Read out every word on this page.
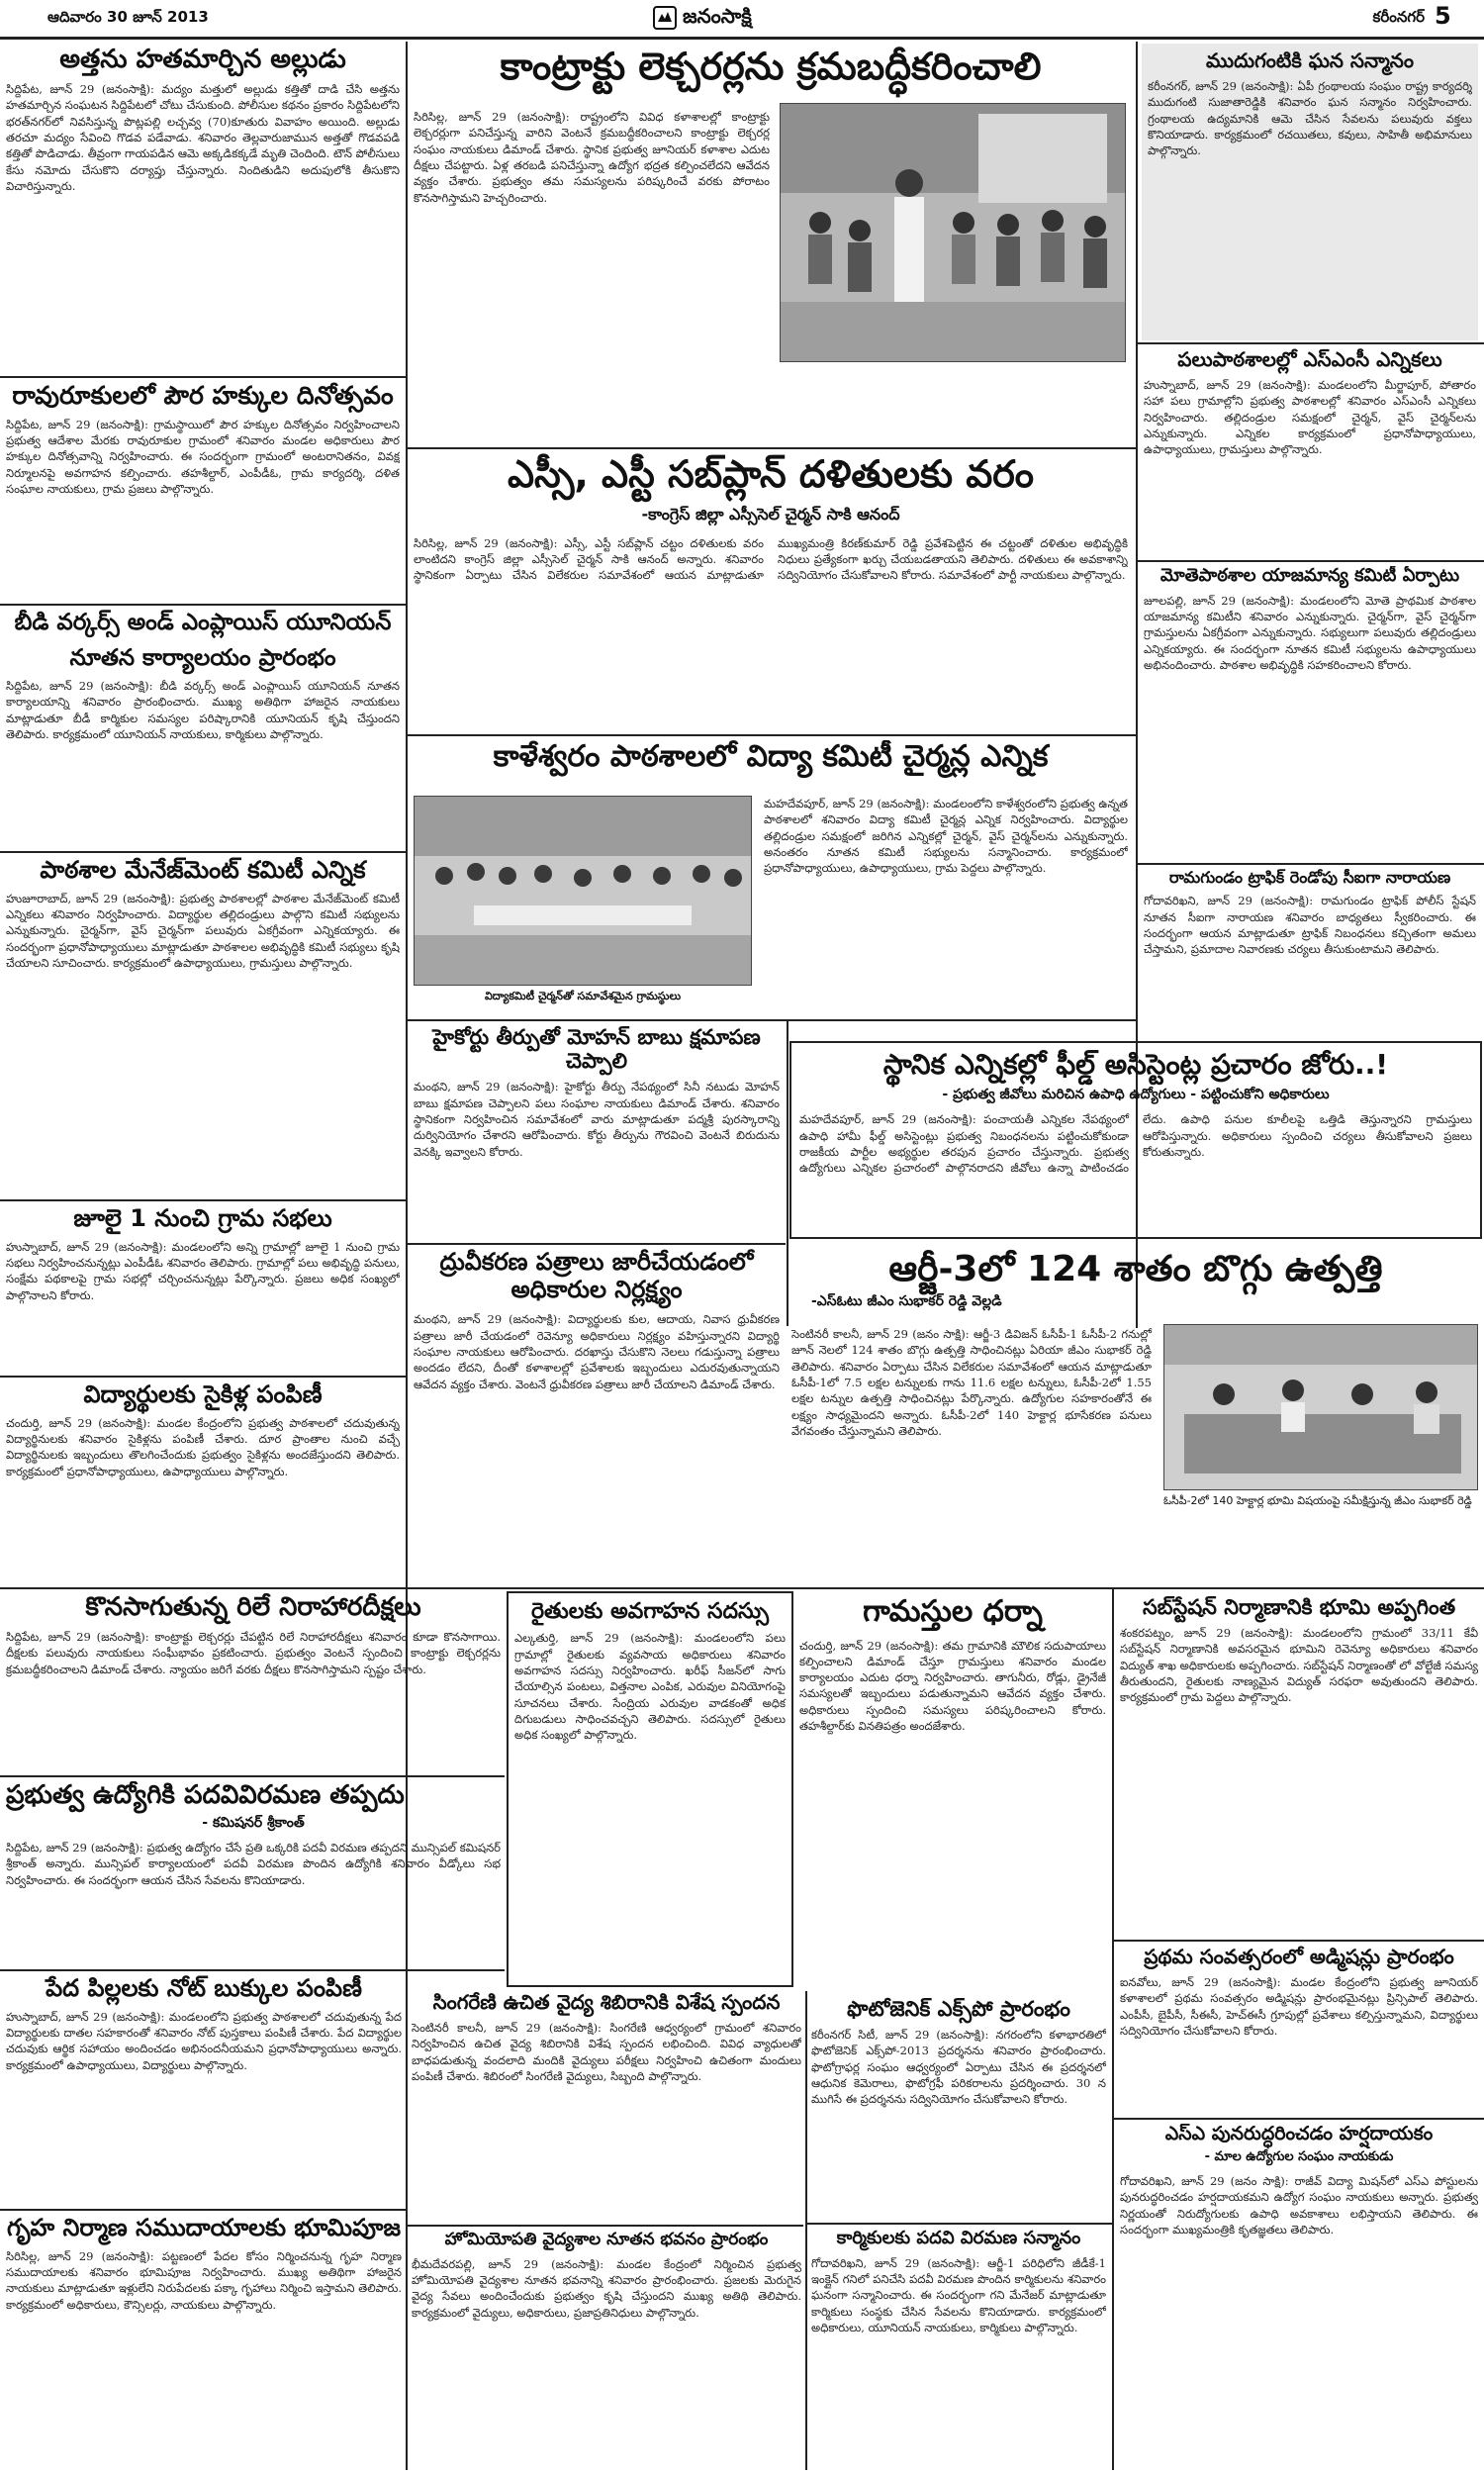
ఆదివారం 30 జూన్ 2013	జనంసాక్షి	కరీంనగర్ 5
అత్తను హతమార్చిన అల్లుడు
సిద్దిపేట, జూన్ 29 (జనంసాక్షి): మద్యం మత్తులో అల్లుడు కత్తితో దాడి చేసి అత్తను హతమార్చిన సంఘటన సిద్దిపేటలో చోటు చేసుకుంది. పోలీసుల కథనం ప్రకారం సిద్దిపేటలోని భరత్‌నగర్‌లో నివసిస్తున్న పొట్లపల్లి లచ్చవ్వ (70)కూతురు వివాహం అయింది. అల్లుడు తరచూ మద్యం సేవించి గొడవ పడేవాడు. శనివారం తెల్లవారుజామున అత్తతో గొడవపడి కత్తితో పొడిచాడు. తీవ్రంగా గాయపడిన ఆమె అక్కడికక్కడే మృతి చెందింది. టౌన్ పోలీసులు కేసు నమోదు చేసుకొని దర్యాప్తు చేస్తున్నారు. నిందితుడిని అదుపులోకి తీసుకొని విచారిస్తున్నారు.
రావురూకులలో పౌర హక్కుల దినోత్సవం
సిద్దిపేట, జూన్ 29 (జనంసాక్షి): గ్రామస్థాయిలో పౌర హక్కుల దినోత్సవం నిర్వహించాలని ప్రభుత్వ ఆదేశాల మేరకు రావురూకుల గ్రామంలో శనివారం మండల అధికారులు పౌర హక్కుల దినోత్సవాన్ని నిర్వహించారు. ఈ సందర్భంగా గ్రామంలో అంటరానితనం, వివక్ష నిర్మూలనపై అవగాహన కల్పించారు. తహశీల్దార్, ఎంపీడీఓ, గ్రామ కార్యదర్శి, దళిత సంఘాల నాయకులు, గ్రామ ప్రజలు పాల్గొన్నారు.
బీడి వర్కర్స్ అండ్ ఎంప్లాయిస్ యూనియన్
నూతన కార్యాలయం ప్రారంభం
సిద్దిపేట, జూన్ 29 (జనంసాక్షి): బీడి వర్కర్స్ అండ్ ఎంప్లాయిస్ యూనియన్ నూతన కార్యాలయాన్ని శనివారం ప్రారంభించారు. ముఖ్య అతిథిగా హాజరైన నాయకులు మాట్లాడుతూ బీడీ కార్మికుల సమస్యల పరిష్కారానికి యూనియన్ కృషి చేస్తుందని తెలిపారు. కార్యక్రమంలో యూనియన్ నాయకులు, కార్మికులు పాల్గొన్నారు.
పాఠశాల మేనేజ్‌మెంట్ కమిటీ ఎన్నిక
హుజూరాబాద్, జూన్ 29 (జనంసాక్షి): ప్రభుత్వ పాఠశాలల్లో పాఠశాల మేనేజ్‌మెంట్ కమిటీ ఎన్నికలు శనివారం నిర్వహించారు. విద్యార్థుల తల్లిదండ్రులు పాల్గొని కమిటీ సభ్యులను ఎన్నుకున్నారు. చైర్మన్‌గా, వైస్ చైర్మన్‌గా పలువురు ఏకగ్రీవంగా ఎన్నికయ్యారు. ఈ సందర్భంగా ప్రధానోపాధ్యాయులు మాట్లాడుతూ పాఠశాలల అభివృద్ధికి కమిటీ సభ్యులు కృషి చేయాలని సూచించారు. కార్యక్రమంలో ఉపాధ్యాయులు, గ్రామస్తులు పాల్గొన్నారు.
జూలై 1 నుంచి గ్రామ సభలు
హుస్నాబాద్, జూన్ 29 (జనంసాక్షి): మండలంలోని అన్ని గ్రామాల్లో జూలై 1 నుంచి గ్రామ సభలు నిర్వహించనున్నట్లు ఎంపీడీఓ శనివారం తెలిపారు. గ్రామాల్లో పలు అభివృద్ధి పనులు, సంక్షేమ పథకాలపై గ్రామ సభల్లో చర్చించనున్నట్లు పేర్కొన్నారు. ప్రజలు అధిక సంఖ్యలో పాల్గొనాలని కోరారు.
విద్యార్థులకు సైకిళ్ల పంపిణీ
చందుర్తి, జూన్ 29 (జనంసాక్షి): మండల కేంద్రంలోని ప్రభుత్వ పాఠశాలలో చదువుతున్న విద్యార్థినులకు శనివారం సైకిళ్లను పంపిణీ చేశారు. దూర ప్రాంతాల నుంచి వచ్చే విద్యార్థినులకు ఇబ్బందులు తొలగించేందుకు ప్రభుత్వం సైకిళ్లను అందజేస్తుందని తెలిపారు. కార్యక్రమంలో ప్రధానోపాధ్యాయులు, ఉపాధ్యాయులు పాల్గొన్నారు.
కాంట్రాక్టు లెక్చరర్లను క్రమబద్ధీకరించాలి
సిరిసిల్ల, జూన్ 29 (జనంసాక్షి): రాష్ట్రంలోని వివిధ కళాశాలల్లో కాంట్రాక్టు లెక్చరర్లుగా పనిచేస్తున్న వారిని వెంటనే క్రమబద్ధీకరించాలని కాంట్రాక్టు లెక్చరర్ల సంఘం నాయకులు డిమాండ్ చేశారు. స్థానిక ప్రభుత్వ జూనియర్ కళాశాల ఎదుట దీక్షలు చేపట్టారు. ఏళ్ల తరబడి పనిచేస్తున్నా ఉద్యోగ భద్రత కల్పించలేదని ఆవేదన వ్యక్తం చేశారు. ప్రభుత్వం తమ సమస్యలను పరిష్కరించే వరకు పోరాటం కొనసాగిస్తామని హెచ్చరించారు.
ఎస్సీ, ఎస్టీ సబ్‌ప్లాన్ దళితులకు వరం
-కాంగ్రెస్ జిల్లా ఎస్సీసెల్ చైర్మన్ సాకి ఆనంద్
సిరిసిల్ల, జూన్ 29 (జనంసాక్షి): ఎస్సీ, ఎస్టీ సబ్‌ప్లాన్ చట్టం దళితులకు వరం లాంటిదని కాంగ్రెస్ జిల్లా ఎస్సీసెల్ చైర్మన్ సాకి ఆనంద్ అన్నారు. శనివారం స్థానికంగా ఏర్పాటు చేసిన విలేకరుల సమావేశంలో ఆయన మాట్లాడుతూ ముఖ్యమంత్రి కిరణ్‌కుమార్ రెడ్డి ప్రవేశపెట్టిన ఈ చట్టంతో దళితుల అభివృద్ధికి నిధులు ప్రత్యేకంగా ఖర్చు చేయబడతాయని తెలిపారు. దళితులు ఈ అవకాశాన్ని సద్వినియోగం చేసుకోవాలని కోరారు. సమావేశంలో పార్టీ నాయకులు పాల్గొన్నారు.
కాళేశ్వరం పాఠశాలలో విద్యా కమిటీ చైర్మన్ల ఎన్నిక
విద్యాకమిటీ చైర్మన్‌తో సమావేశమైన గ్రామస్థులు
మహదేవపూర్, జూన్ 29 (జనంసాక్షి): మండలంలోని కాళేశ్వరంలోని ప్రభుత్వ ఉన్నత పాఠశాలలో శనివారం విద్యా కమిటీ చైర్మన్ల ఎన్నిక నిర్వహించారు. విద్యార్థుల తల్లిదండ్రుల సమక్షంలో జరిగిన ఎన్నికల్లో చైర్మన్, వైస్ చైర్మన్‌లను ఎన్నుకున్నారు. అనంతరం నూతన కమిటీ సభ్యులను సన్మానించారు. కార్యక్రమంలో ప్రధానోపాధ్యాయులు, ఉపాధ్యాయులు, గ్రామ పెద్దలు పాల్గొన్నారు.
హైకోర్టు తీర్పుతో మోహన్ బాబు క్షమాపణ చెప్పాలి
మంథని, జూన్ 29 (జనంసాక్షి): హైకోర్టు తీర్పు నేపథ్యంలో సినీ నటుడు మోహన్ బాబు క్షమాపణ చెప్పాలని పలు సంఘాల నాయకులు డిమాండ్ చేశారు. శనివారం స్థానికంగా నిర్వహించిన సమావేశంలో వారు మాట్లాడుతూ పద్మశ్రీ పురస్కారాన్ని దుర్వినియోగం చేశారని ఆరోపించారు. కోర్టు తీర్పును గౌరవించి వెంటనే బిరుదును వెనక్కి ఇవ్వాలని కోరారు.
ద్రువీకరణ పత్రాలు జారీచేయడంలో
అధికారుల నిర్లక్ష్యం
మంథని, జూన్ 29 (జనంసాక్షి): విద్యార్థులకు కుల, ఆదాయ, నివాస ధ్రువీకరణ పత్రాలు జారీ చేయడంలో రెవెన్యూ అధికారులు నిర్లక్ష్యం వహిస్తున్నారని విద్యార్థి సంఘాల నాయకులు ఆరోపించారు. దరఖాస్తు చేసుకొని నెలలు గడుస్తున్నా పత్రాలు అందడం లేదని, దీంతో కళాశాలల్లో ప్రవేశాలకు ఇబ్బందులు ఎదురవుతున్నాయని ఆవేదన వ్యక్తం చేశారు. వెంటనే ధ్రువీకరణ పత్రాలు జారీ చేయాలని డిమాండ్ చేశారు.
ముదుగంటికి ఘన సన్మానం
కరీంనగర్, జూన్ 29 (జనంసాక్షి): ఏపీ గ్రంథాలయ సంఘం రాష్ట్ర కార్యదర్శి ముదుగంటి సుజాతారెడ్డికి శనివారం ఘన సన్మానం నిర్వహించారు. గ్రంథాలయ ఉద్యమానికి ఆమె చేసిన సేవలను పలువురు వక్తలు కొనియాడారు. కార్యక్రమంలో రచయితలు, కవులు, సాహితీ అభిమానులు పాల్గొన్నారు.
పలుపాఠశాలల్లో ఎస్‌ఎంసీ ఎన్నికలు
హుస్నాబాద్, జూన్ 29 (జనంసాక్షి): మండలంలోని మీర్జాపూర్, పోతారం సహా పలు గ్రామాల్లోని ప్రభుత్వ పాఠశాలల్లో శనివారం ఎస్‌ఎంసీ ఎన్నికలు నిర్వహించారు. తల్లిదండ్రుల సమక్షంలో చైర్మన్, వైస్ చైర్మన్‌లను ఎన్నుకున్నారు. ఎన్నికల కార్యక్రమంలో ప్రధానోపాధ్యాయులు, ఉపాధ్యాయులు, గ్రామస్తులు పాల్గొన్నారు.
మోతెపాఠశాల యాజమాన్య కమిటీ ఏర్పాటు
జూలపల్లి, జూన్ 29 (జనంసాక్షి): మండలంలోని మోతె ప్రాథమిక పాఠశాల యాజమాన్య కమిటీని శనివారం ఎన్నుకున్నారు. చైర్మన్‌గా, వైస్ చైర్మన్‌గా గ్రామస్తులను ఏకగ్రీవంగా ఎన్నుకున్నారు. సభ్యులుగా పలువురు తల్లిదండ్రులు ఎన్నికయ్యారు. ఈ సందర్భంగా నూతన కమిటీ సభ్యులను ఉపాధ్యాయులు అభినందించారు. పాఠశాల అభివృద్ధికి సహకరించాలని కోరారు.
రామగుండం ట్రాఫిక్ రెండోపు సీఐగా నారాయణ
గోదావరిఖని, జూన్ 29 (జనంసాక్షి): రామగుండం ట్రాఫిక్ పోలీస్ స్టేషన్ నూతన సీఐగా నారాయణ శనివారం బాధ్యతలు స్వీకరించారు. ఈ సందర్భంగా ఆయన మాట్లాడుతూ ట్రాఫిక్ నిబంధనలు కచ్చితంగా అమలు చేస్తామని, ప్రమాదాల నివారణకు చర్యలు తీసుకుంటామని తెలిపారు.
స్థానిక ఎన్నికల్లో ఫీల్డ్ అసిస్టెంట్ల ప్రచారం జోరు..!
- ప్రభుత్వ జీవోలు మరిచిన ఉపాధి ఉద్యోగులు - పట్టించుకోని అధికారులు
మహదేవపూర్, జూన్ 29 (జనంసాక్షి): పంచాయతీ ఎన్నికల నేపథ్యంలో ఉపాధి హామీ ఫీల్డ్ అసిస్టెంట్లు ప్రభుత్వ నిబంధనలను పట్టించుకోకుండా రాజకీయ పార్టీల అభ్యర్థుల తరపున ప్రచారం చేస్తున్నారు. ప్రభుత్వ ఉద్యోగులు ఎన్నికల ప్రచారంలో పాల్గొనరాదని జీవోలు ఉన్నా పాటించడం లేదు. ఉపాధి పనుల కూలీలపై ఒత్తిడి తెస్తున్నారని గ్రామస్తులు ఆరోపిస్తున్నారు. అధికారులు స్పందించి చర్యలు తీసుకోవాలని ప్రజలు కోరుతున్నారు.
ఆర్జీ-3లో 124 శాతం బొగ్గు ఉత్పత్తి
-ఎస్‌ఓటు జీఎం సుభాకర్ రెడ్డి వెల్లడి
సెంటినరీ కాలనీ, జూన్ 29 (జనం సాక్షి): ఆర్జీ-3 డివిజన్ ఓసీపీ-1 ఓసీపీ-2 గనుల్లో జూన్ నెలలో 124 శాతం బొగ్గు ఉత్పత్తి సాధించినట్లు ఏరియా జీఎం సుభాకర్ రెడ్డి తెలిపారు. శనివారం ఏర్పాటు చేసిన విలేకరుల సమావేశంలో ఆయన మాట్లాడుతూ ఓసీపీ-1లో 7.5 లక్షల టన్నులకు గాను 11.6 లక్షల టన్నులు, ఓసీపీ-2లో 1.55 లక్షల టన్నుల ఉత్పత్తి సాధించినట్లు పేర్కొన్నారు. ఉద్యోగుల సహకారంతోనే ఈ లక్ష్యం సాధ్యమైందని అన్నారు. ఓసీపీ-2లో 140 హెక్టార్ల భూసేకరణ పనులు వేగవంతం చేస్తున్నామని తెలిపారు.
ఓసీపీ-2లో 140 హెక్టార్ల భూమి విషయంపై సమీక్షిస్తున్న జీఎం సుభాకర్ రెడ్డి
కొనసాగుతున్న రిలే నిరాహారదీక్షలు
సిద్దిపేట, జూన్ 29 (జనంసాక్షి): కాంట్రాక్టు లెక్చరర్లు చేపట్టిన రిలే నిరాహారదీక్షలు శనివారం కూడా కొనసాగాయి. దీక్షలకు పలువురు నాయకులు సంఘీభావం ప్రకటించారు. ప్రభుత్వం వెంటనే స్పందించి కాంట్రాక్టు లెక్చరర్లను క్రమబద్ధీకరించాలని డిమాండ్ చేశారు. న్యాయం జరిగే వరకు దీక్షలు కొనసాగిస్తామని స్పష్టం చేశారు.
ప్రభుత్వ ఉద్యోగికి పదవివిరమణ తప్పదు
- కమిషనర్ శ్రీకాంత్
సిద్దిపేట, జూన్ 29 (జనంసాక్షి): ప్రభుత్వ ఉద్యోగం చేసే ప్రతి ఒక్కరికి పదవీ విరమణ తప్పదని మున్సిపల్ కమిషనర్ శ్రీకాంత్ అన్నారు. మున్సిపల్ కార్యాలయంలో పదవీ విరమణ పొందిన ఉద్యోగికి శనివారం వీడ్కోలు సభ నిర్వహించారు. ఈ సందర్భంగా ఆయన చేసిన సేవలను కొనియాడారు.
రైతులకు అవగాహన సదస్సు
ఎల్కతుర్తి, జూన్ 29 (జనంసాక్షి): మండలంలోని పలు గ్రామాల్లో రైతులకు వ్యవసాయ అధికారులు శనివారం అవగాహన సదస్సు నిర్వహించారు. ఖరీఫ్ సీజన్‌లో సాగు చేయాల్సిన పంటలు, విత్తనాల ఎంపిక, ఎరువుల వినియోగంపై సూచనలు చేశారు. సేంద్రియ ఎరువుల వాడకంతో అధిక దిగుబడులు సాధించవచ్చని తెలిపారు. సదస్సులో రైతులు అధిక సంఖ్యలో పాల్గొన్నారు.
గామస్తుల ధర్నా
చందుర్తి, జూన్ 29 (జనంసాక్షి): తమ గ్రామానికి మౌలిక సదుపాయాలు కల్పించాలని డిమాండ్ చేస్తూ గ్రామస్తులు శనివారం మండల కార్యాలయం ఎదుట ధర్నా నిర్వహించారు. తాగునీరు, రోడ్లు, డ్రైనేజీ సమస్యలతో ఇబ్బందులు పడుతున్నామని ఆవేదన వ్యక్తం చేశారు. అధికారులు స్పందించి సమస్యలు పరిష్కరించాలని కోరారు. తహశీల్దార్‌కు వినతిపత్రం అందజేశారు.
సబ్‌స్టేషన్ నిర్మాణానికి భూమి అప్పగింత
శంకరపట్నం, జూన్ 29 (జనంసాక్షి): మండలంలోని గ్రామంలో 33/11 కేవీ సబ్‌స్టేషన్ నిర్మాణానికి అవసరమైన భూమిని రెవెన్యూ అధికారులు శనివారం విద్యుత్ శాఖ అధికారులకు అప్పగించారు. సబ్‌స్టేషన్ నిర్మాణంతో లో వోల్టేజీ సమస్య తీరుతుందని, రైతులకు నాణ్యమైన విద్యుత్ సరఫరా అవుతుందని తెలిపారు. కార్యక్రమంలో గ్రామ పెద్దలు పాల్గొన్నారు.
ప్రథమ సంవత్సరంలో అడ్మిషన్లు ప్రారంభం
ఐనవోలు, జూన్ 29 (జనంసాక్షి): మండల కేంద్రంలోని ప్రభుత్వ జూనియర్ కళాశాలలో ప్రథమ సంవత్సరం అడ్మిషన్లు ప్రారంభమైనట్లు ప్రిన్సిపాల్ తెలిపారు. ఎంపీసీ, బైపీసీ, సీఈసీ, హెచ్‌ఈసీ గ్రూపుల్లో ప్రవేశాలు కల్పిస్తున్నామని, విద్యార్థులు సద్వినియోగం చేసుకోవాలని కోరారు.
ఎస్‌ఎ పునరుద్ధరించడం హర్షదాయకం
- మాల ఉద్యోగుల సంఘం నాయకుడు
గోదావరిఖని, జూన్ 29 (జనం సాక్షి): రాజీవ్ విద్యా మిషన్‌లో ఎస్‌ఎ పోస్టులను పునరుద్ధరించడం హర్షదాయకమని ఉద్యోగ సంఘం నాయకులు అన్నారు. ప్రభుత్వ నిర్ణయంతో నిరుద్యోగులకు ఉపాధి అవకాశాలు లభిస్తాయని తెలిపారు. ఈ సందర్భంగా ముఖ్యమంత్రికి కృతజ్ఞతలు తెలిపారు.
పేద పిల్లలకు నోట్ బుక్కుల పంపిణీ
హుస్నాబాద్, జూన్ 29 (జనంసాక్షి): మండలంలోని ప్రభుత్వ పాఠశాలలో చదువుతున్న పేద విద్యార్థులకు దాతల సహకారంతో శనివారం నోట్ పుస్తకాలు పంపిణీ చేశారు. పేద విద్యార్థుల చదువుకు ఆర్థిక సహాయం అందించడం అభినందనీయమని ప్రధానోపాధ్యాయులు అన్నారు. కార్యక్రమంలో ఉపాధ్యాయులు, విద్యార్థులు పాల్గొన్నారు.
గృహ నిర్మాణ సముదాయాలకు భూమిపూజ
సిరిసిల్ల, జూన్ 29 (జనంసాక్షి): పట్టణంలో పేదల కోసం నిర్మించనున్న గృహ నిర్మాణ సముదాయాలకు శనివారం భూమిపూజ నిర్వహించారు. ముఖ్య అతిథిగా హాజరైన నాయకులు మాట్లాడుతూ ఇళ్లులేని నిరుపేదలకు పక్కా గృహాలు నిర్మించి ఇస్తామని తెలిపారు. కార్యక్రమంలో అధికారులు, కౌన్సిలర్లు, నాయకులు పాల్గొన్నారు.
సింగరేణి ఉచిత వైద్య శిబిరానికి విశేష స్పందన
సెంటినరీ కాలనీ, జూన్ 29 (జనంసాక్షి): సింగరేణి ఆధ్వర్యంలో గ్రామంలో శనివారం నిర్వహించిన ఉచిత వైద్య శిబిరానికి విశేష స్పందన లభించింది. వివిధ వ్యాధులతో బాధపడుతున్న వందలాది మందికి వైద్యులు పరీక్షలు నిర్వహించి ఉచితంగా మందులు పంపిణీ చేశారు. శిబిరంలో సింగరేణి వైద్యులు, సిబ్బంది పాల్గొన్నారు.
హోమియోపతి వైద్యశాల నూతన భవనం ప్రారంభం
భీమదేవరపల్లి, జూన్ 29 (జనంసాక్షి): మండల కేంద్రంలో నిర్మించిన ప్రభుత్వ హోమియోపతి వైద్యశాల నూతన భవనాన్ని శనివారం ప్రారంభించారు. ప్రజలకు మెరుగైన వైద్య సేవలు అందించేందుకు ప్రభుత్వం కృషి చేస్తుందని ముఖ్య అతిథి తెలిపారు. కార్యక్రమంలో వైద్యులు, అధికారులు, ప్రజాప్రతినిధులు పాల్గొన్నారు.
ఫొటోజెనిక్ ఎక్స్‌పో ప్రారంభం
కరీంనగర్ సిటీ, జూన్ 29 (జనంసాక్షి): నగరంలోని కళాభారతిలో ఫొటోజెనిక్ ఎక్స్‌పో-2013 ప్రదర్శనను శనివారం ప్రారంభించారు. ఫొటోగ్రాఫర్ల సంఘం ఆధ్వర్యంలో ఏర్పాటు చేసిన ఈ ప్రదర్శనలో ఆధునిక కెమెరాలు, ఫొటోగ్రఫీ పరికరాలను ప్రదర్శించారు. 30 న ముగిసే ఈ ప్రదర్శనను సద్వినియోగం చేసుకోవాలని కోరారు.
కార్మికులకు పదవి విరమణ సన్మానం
గోదావరిఖని, జూన్ 29 (జనంసాక్షి): ఆర్జీ-1 పరిధిలోని జీడీకే-1 ఇంక్లైన్ గనిలో పనిచేసి పదవీ విరమణ పొందిన కార్మికులను శనివారం ఘనంగా సన్మానించారు. ఈ సందర్భంగా గని మేనేజర్ మాట్లాడుతూ కార్మికులు సంస్థకు చేసిన సేవలను కొనియాడారు. కార్యక్రమంలో అధికారులు, యూనియన్ నాయకులు, కార్మికులు పాల్గొన్నారు.
